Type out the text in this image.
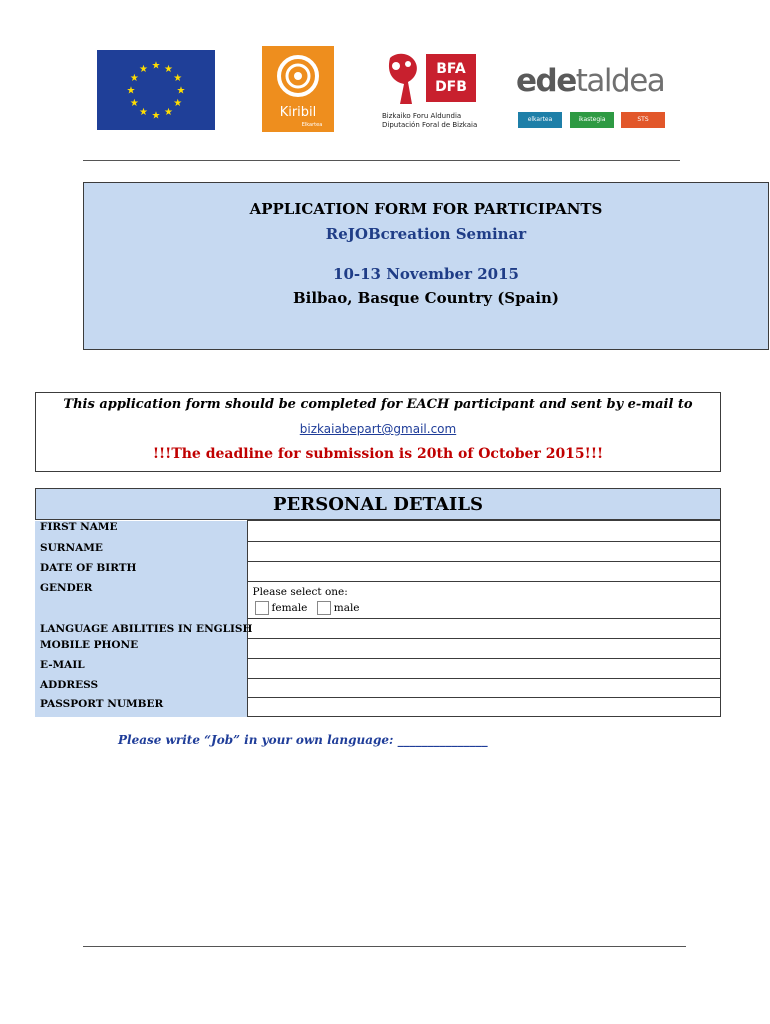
★ ★
★
★
★
★
★
★
★
★
★
★
Kiribil
Elkartea
BFA
DFB
Bizkaiko Foru Aldundia
Diputación Foral de Bizkaia
edetaldea
elkartea	ikastegia	STS
APPLICATION FORM FOR PARTICIPANTS
ReJOBcreation Seminar
10-13 November 2015
Bilbao, Basque Country (Spain)
This application form should be completed for EACH participant and sent by e-mail to
bizkaiabepart@gmail.com
!!!The deadline for submission is 20th of October 2015!!!
PERSONAL DETAILS
FIRST NAME	
SURNAME	
DATE OF BIRTH	
GENDER	Please select one:
female male

LANGUAGE ABILITIES IN ENGLISH	
MOBILE PHONE	
E-MAIL	
ADDRESS	
PASSPORT NUMBER	
Please write “Job” in your own language: _______________
